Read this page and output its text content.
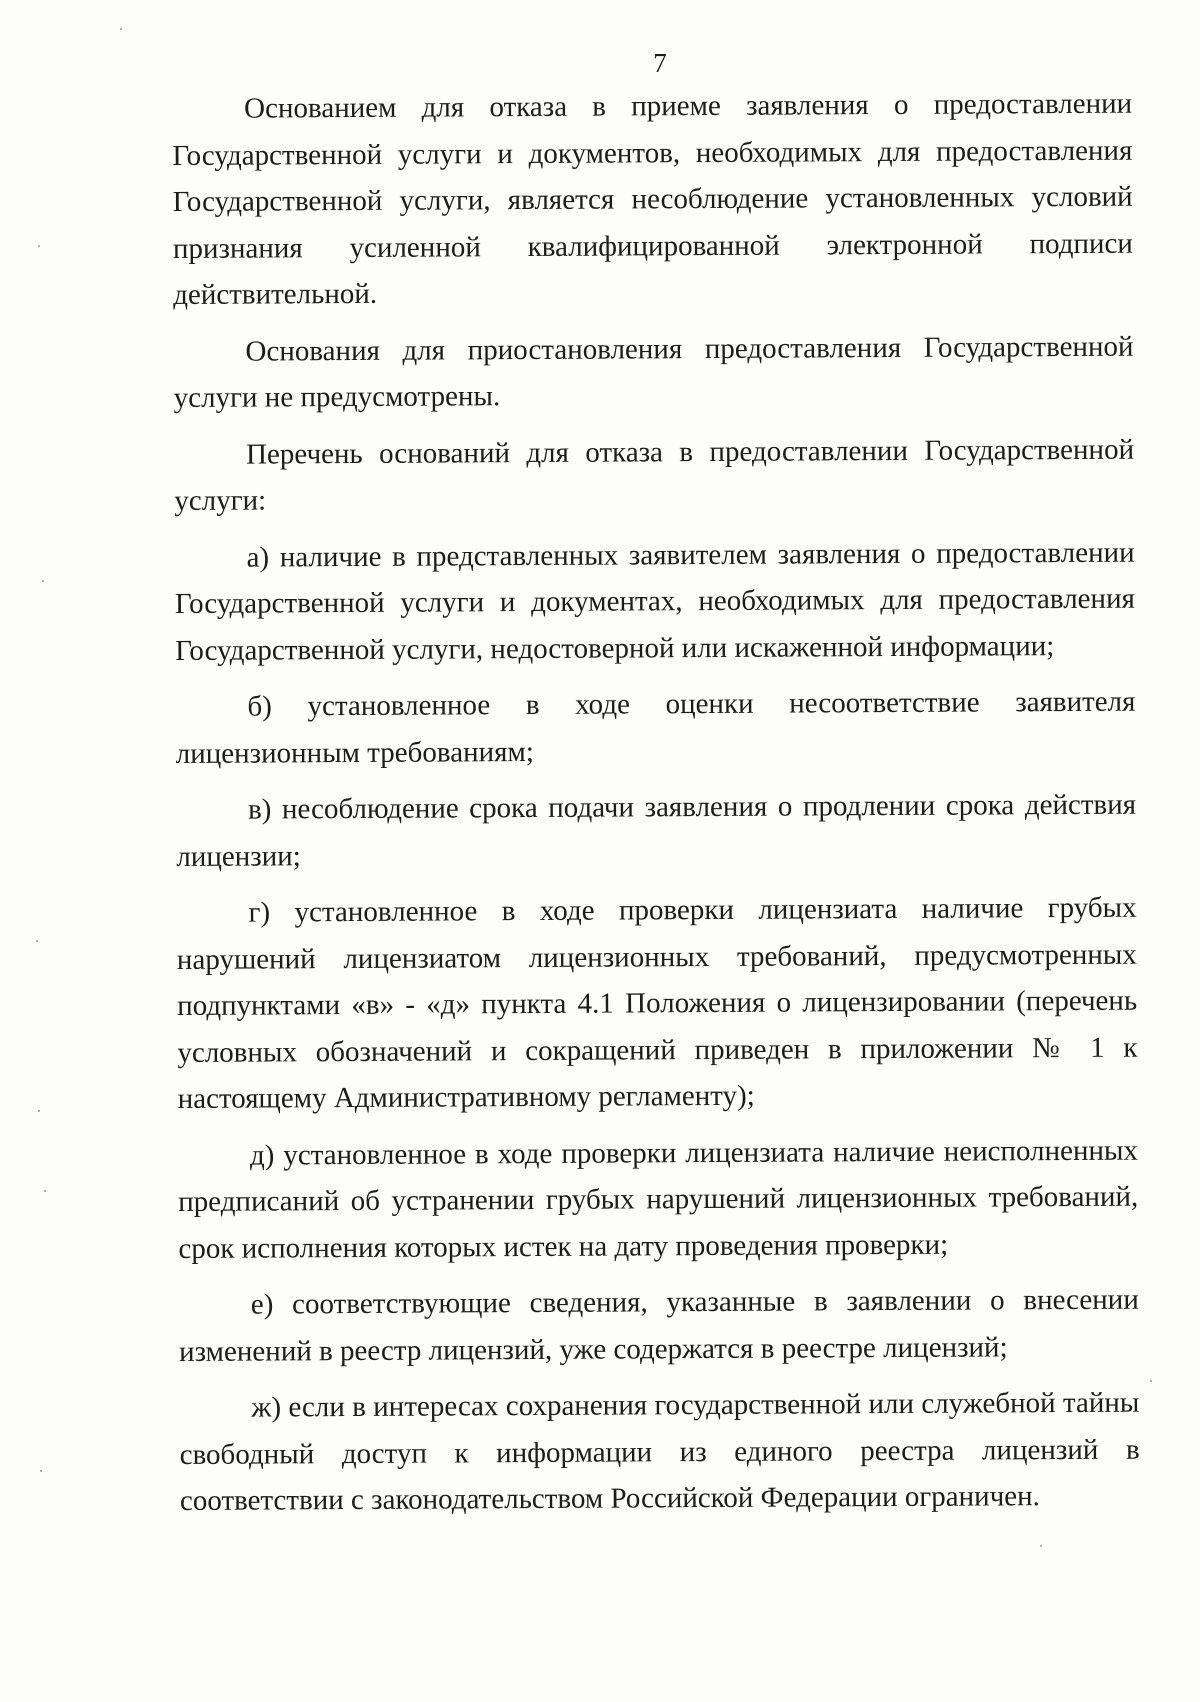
7

Основанием для отказа в приеме заявления о предоставлении Государственной услуги и документов, необходимых для предоставления Государственной услуги, является несоблюдение установленных условий признания усиленной квалифицированной электронной подписи действительной.

Основания для приостановления предоставления Государственной услуги не предусмотрены.

Перечень оснований для отказа в предоставлении Государственной услуги:

а) наличие в представленных заявителем заявления о предоставлении Государственной услуги и документах, необходимых для предоставления Государственной услуги, недостоверной или искаженной информации;

б) установленное в ходе оценки несоответствие заявителя лицензионным требованиям;

в) несоблюдение срока подачи заявления о продлении срока действия лицензии;

г) установленное в ходе проверки лицензиата наличие грубых нарушений лицензиатом лицензионных требований, предусмотренных подпунктами «в» - «д» пункта 4.1 Положения о лицензировании (перечень условных обозначений и сокращений приведен в приложении № 1 к настоящему Административному регламенту);

д) установленное в ходе проверки лицензиата наличие неисполненных предписаний об устранении грубых нарушений лицензионных требований, срок исполнения которых истек на дату проведения проверки;

е) соответствующие сведения, указанные в заявлении о внесении изменений в реестр лицензий, уже содержатся в реестре лицензий;

ж) если в интересах сохранения государственной или служебной тайны свободный доступ к информации из единого реестра лицензий в соответствии с законодательством Российской Федерации ограничен.
